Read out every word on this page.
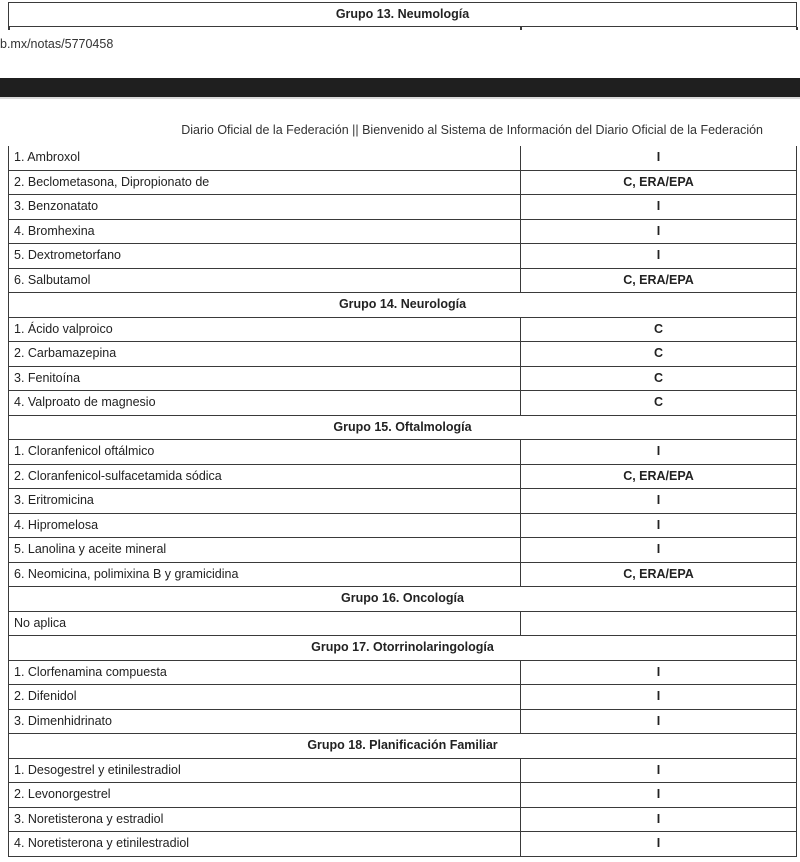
Grupo 13. Neumología
b.mx/notas/5770458
Diario Oficial de la Federación || Bienvenido al Sistema de Información del Diario Oficial de la Federación
1. Ambroxol	I
2. Beclometasona, Dipropionato de	C, ERA/EPA
3. Benzonatato	I
4. Bromhexina	I
5. Dextrometorfano	I
6. Salbutamol	C, ERA/EPA
Grupo 14. Neurología	
1. Ácido valproico	C
2. Carbamazepina	C
3. Fenitoína	C
4. Valproato de magnesio	C
Grupo 15. Oftalmología	
1. Cloranfenicol oftálmico	I
2. Cloranfenicol-sulfacetamida sódica	C, ERA/EPA
3. Eritromicina	I
4. Hipromelosa	I
5. Lanolina y aceite mineral	I
6. Neomicina, polimixina B y gramicidina	C, ERA/EPA
Grupo 16. Oncología	
No aplica	
Grupo 17. Otorrinolaringología	
1. Clorfenamina compuesta	I
2. Difenidol	I
3. Dimenhidrinato	I
Grupo 18. Planificación Familiar	
1. Desogestrel y etinilestradiol	I
2. Levonorgestrel	I
3. Noretisterona y estradiol	I
4. Noretisterona y etinilestradiol	I
